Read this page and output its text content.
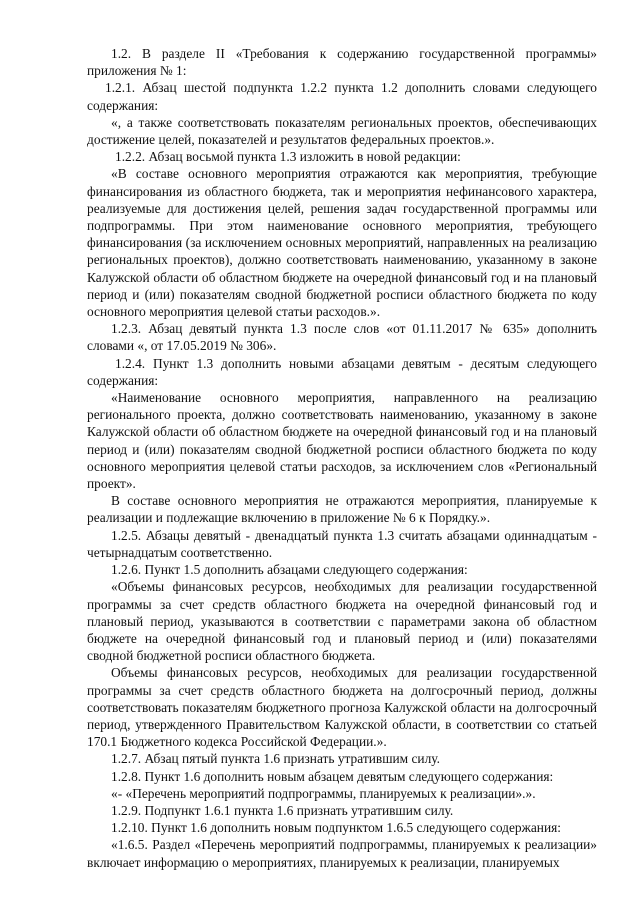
1.2. В разделе II «Требования к содержанию государственной программы» приложения № 1:

1.2.1. Абзац шестой подпункта 1.2.2 пункта 1.2 дополнить словами следующего содержания:

«, а также соответствовать показателям региональных проектов, обеспечивающих достижение целей, показателей и результатов федеральных проектов.».

1.2.2. Абзац восьмой пункта 1.3 изложить в новой редакции:

«В составе основного мероприятия отражаются как мероприятия, требующие финансирования из областного бюджета, так и мероприятия нефинансового характера, реализуемые для достижения целей, решения задач государственной программы или подпрограммы. При этом наименование основного мероприятия, требующего финансирования (за исключением основных мероприятий, направленных на реализацию региональных проектов), должно соответствовать наименованию, указанному в законе Калужской области об областном бюджете на очередной финансовый год и на плановый период и (или) показателям сводной бюджетной росписи областного бюджета по коду основного мероприятия целевой статьи расходов.».

1.2.3. Абзац девятый пункта 1.3 после слов «от 01.11.2017 № 635» дополнить словами «, от 17.05.2019 № 306».

1.2.4. Пункт 1.3 дополнить новыми абзацами девятым - десятым следующего содержания:

«Наименование основного мероприятия, направленного на реализацию регионального проекта, должно соответствовать наименованию, указанному в законе Калужской области об областном бюджете на очередной финансовый год и на плановый период и (или) показателям сводной бюджетной росписи областного бюджета по коду основного мероприятия целевой статьи расходов, за исключением слов «Региональный проект».

В составе основного мероприятия не отражаются мероприятия, планируемые к реализации и подлежащие включению в приложение № 6 к Порядку.».

1.2.5. Абзацы девятый - двенадцатый пункта 1.3 считать абзацами одиннадцатым - четырнадцатым соответственно.

1.2.6. Пункт 1.5 дополнить абзацами следующего содержания:

«Объемы финансовых ресурсов, необходимых для реализации государственной программы за счет средств областного бюджета на очередной финансовый год и плановый период, указываются в соответствии с параметрами закона об областном бюджете на очередной финансовый год и плановый период и (или) показателями сводной бюджетной росписи областного бюджета.

Объемы финансовых ресурсов, необходимых для реализации государственной программы за счет средств областного бюджета на долгосрочный период, должны соответствовать показателям бюджетного прогноза Калужской области на долгосрочный период, утвержденного Правительством Калужской области, в соответствии со статьей 170.1 Бюджетного кодекса Российской Федерации.».

1.2.7. Абзац пятый пункта 1.6 признать утратившим силу.

1.2.8. Пункт 1.6 дополнить новым абзацем девятым следующего содержания:

«- «Перечень мероприятий подпрограммы, планируемых к реализации».».

1.2.9. Подпункт 1.6.1 пункта 1.6 признать утратившим силу.

1.2.10. Пункт 1.6 дополнить новым подпунктом 1.6.5 следующего содержания:

«1.6.5. Раздел «Перечень мероприятий подпрограммы, планируемых к реализации» включает информацию о мероприятиях, планируемых к реализации, планируемых
